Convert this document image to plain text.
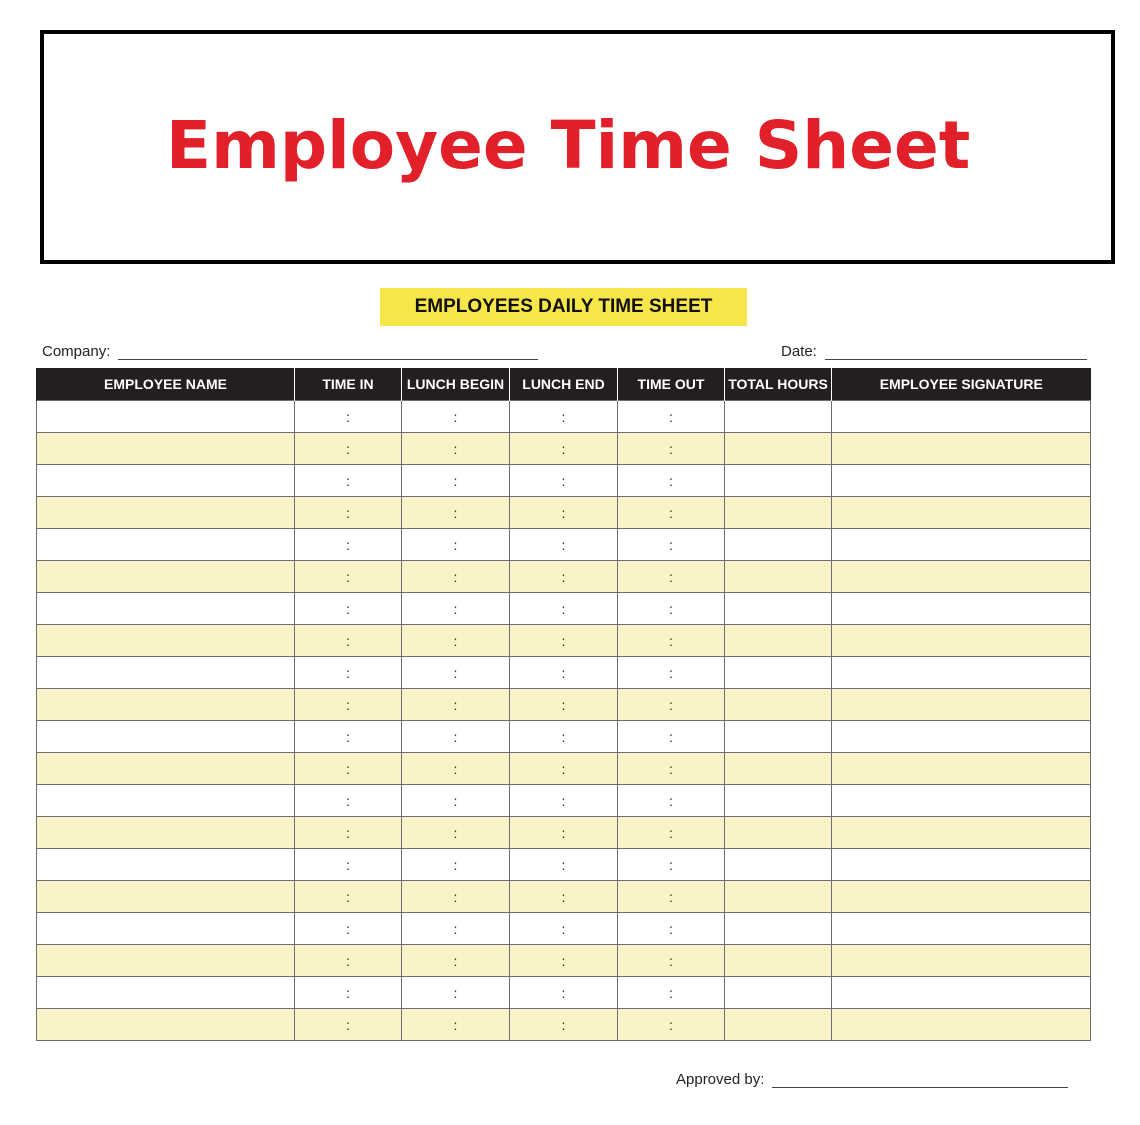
Employee Time Sheet
EMPLOYEES DAILY TIME SHEET
Company:	Date:
EMPLOYEE NAME	TIME IN	LUNCH BEGIN	LUNCH END	TIME OUT	TOTAL HOURS	EMPLOYEE SIGNATURE
	:	:	:	:		
	:	:	:	:		
	:	:	:	:		
	:	:	:	:		
	:	:	:	:		
	:	:	:	:		
	:	:	:	:		
	:	:	:	:		
	:	:	:	:		
	:	:	:	:		
	:	:	:	:		
	:	:	:	:		
	:	:	:	:		
	:	:	:	:		
	:	:	:	:		
	:	:	:	:		
	:	:	:	:		
	:	:	:	:		
	:	:	:	:		
	:	:	:	:		
Approved by:
